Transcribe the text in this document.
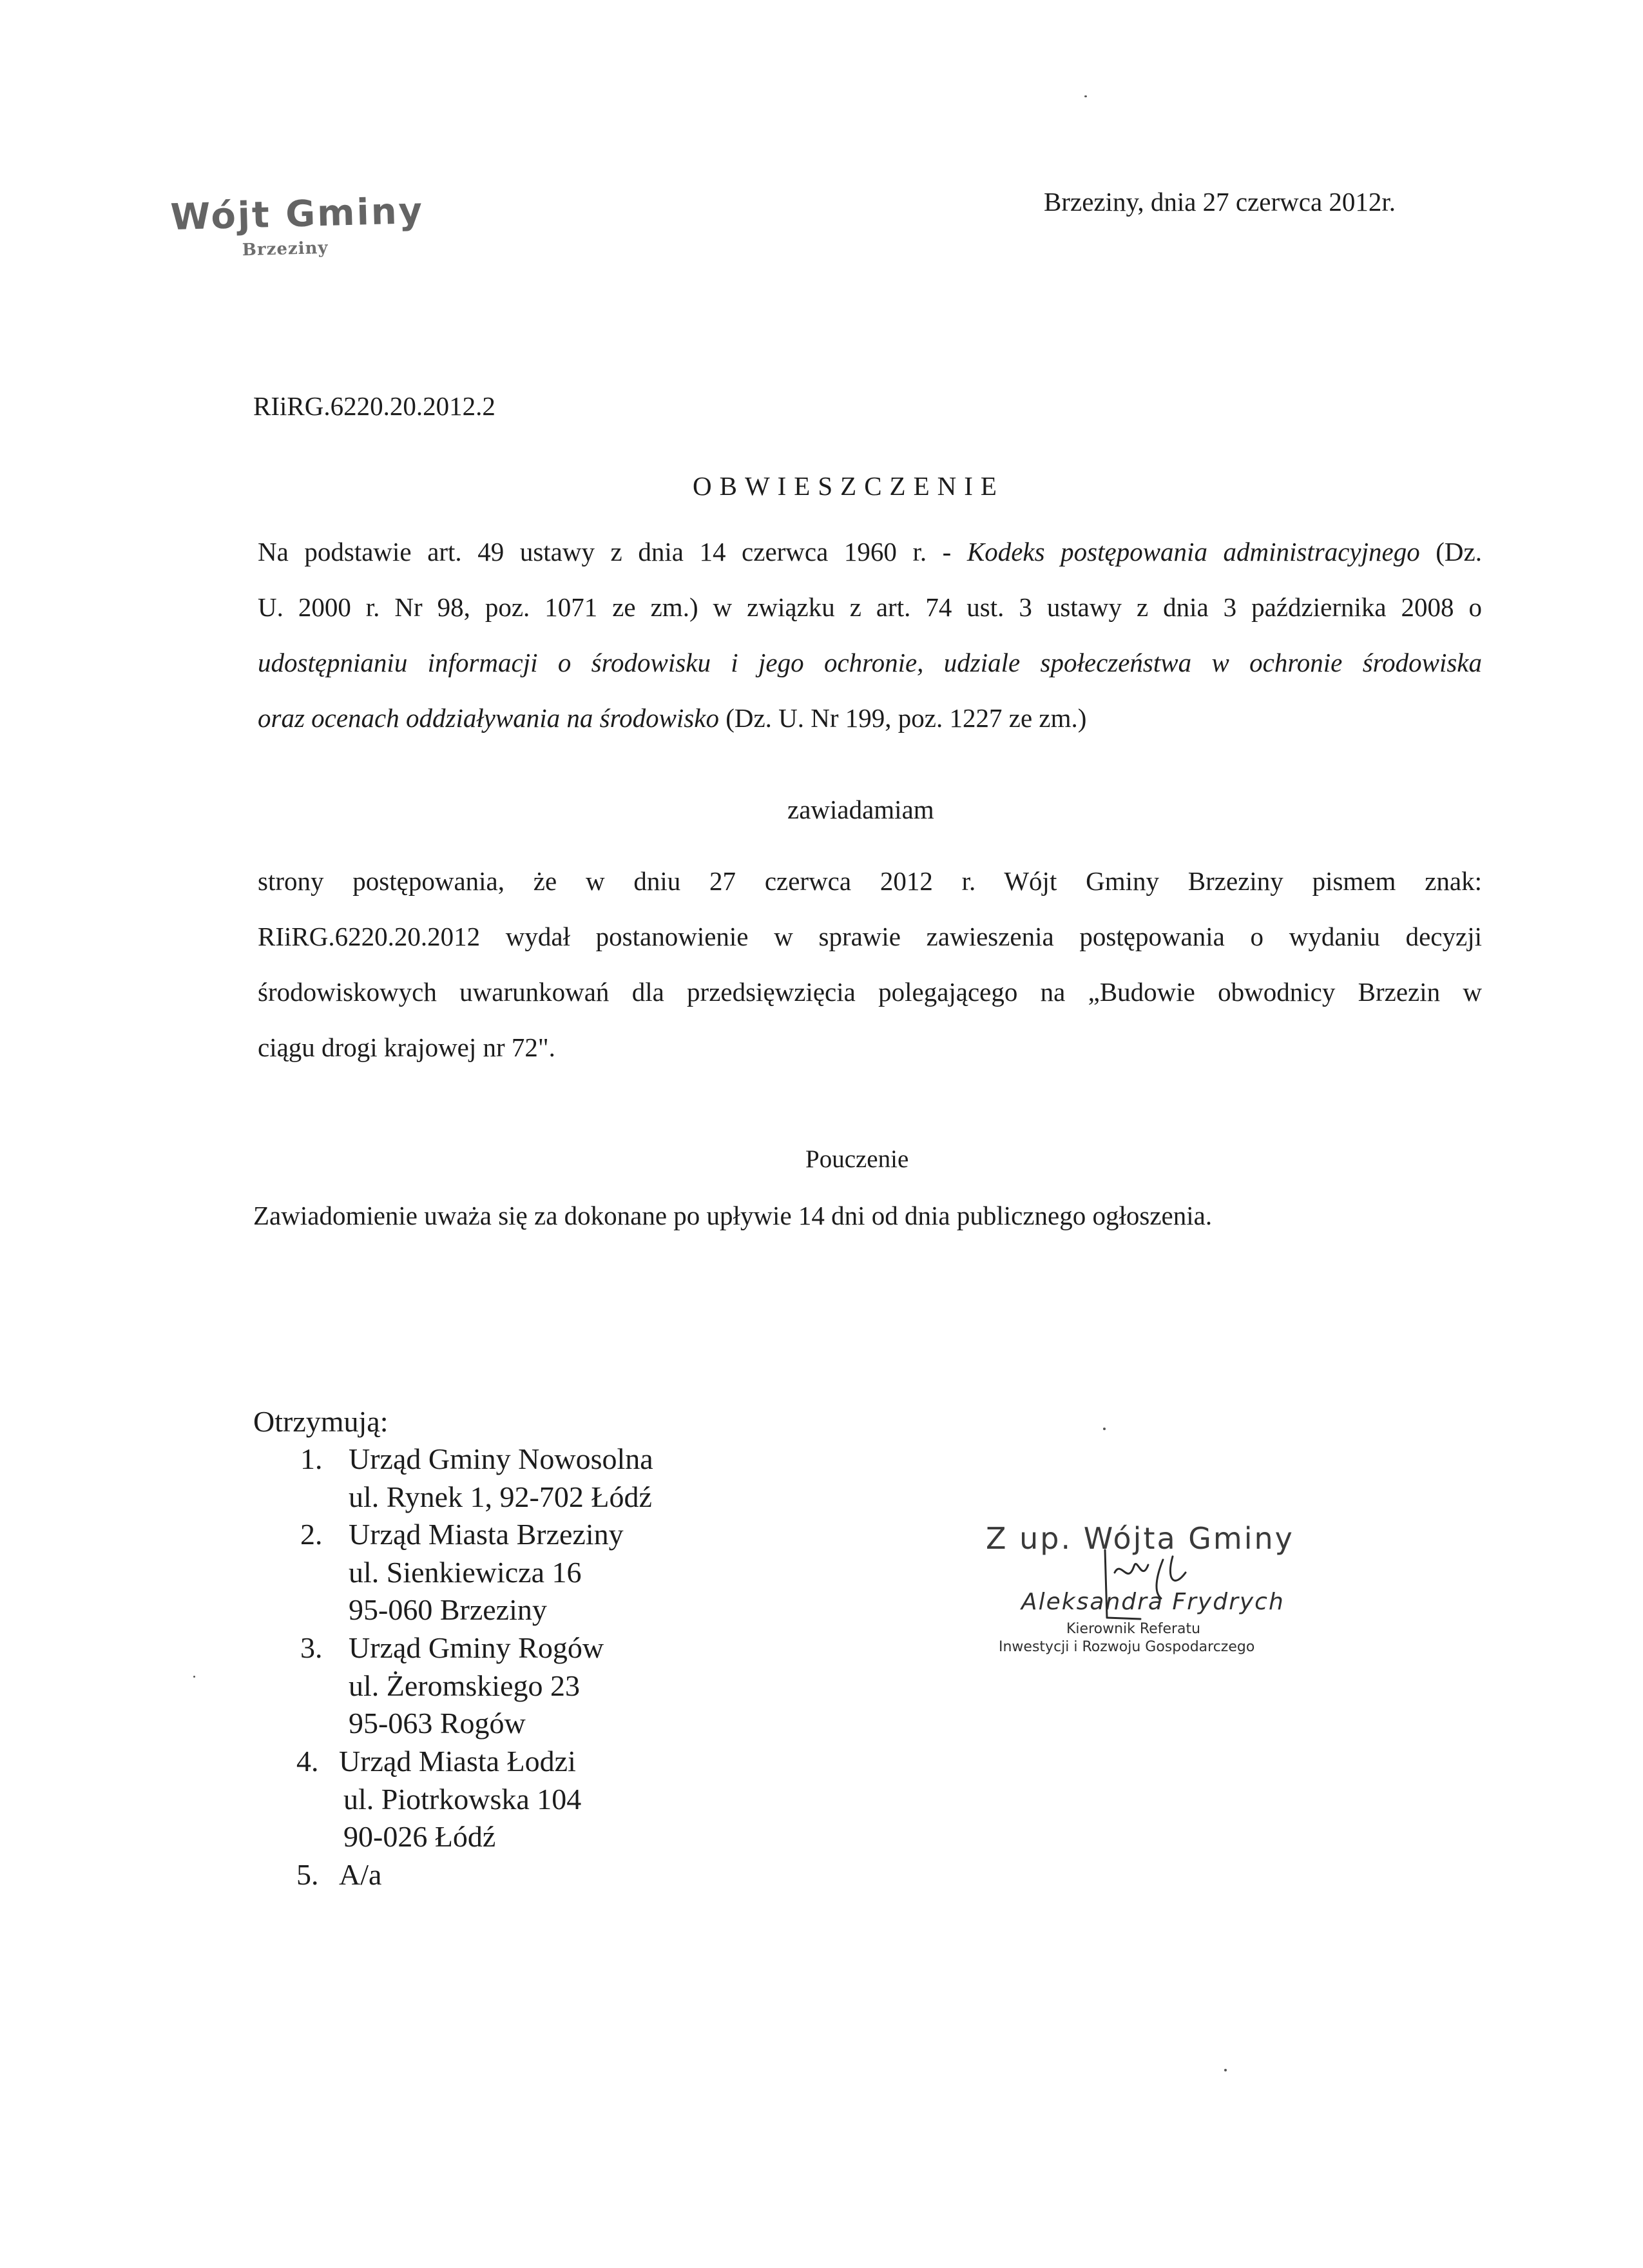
Wójt Gminy
Brzeziny
Brzeziny, dnia 27 czerwca 2012r.
RIiRG.6220.20.2012.2
OBWIESZCZENIE
Na podstawie art. 49 ustawy z dnia 14 czerwca 1960 r. - Kodeks postępowania administracyjnego (Dz.
U. 2000 r. Nr 98, poz. 1071 ze zm.) w związku z art. 74 ust. 3 ustawy z dnia 3 października 2008 o
udostępnianiu informacji o środowisku i jego ochronie, udziale społeczeństwa w ochronie środowiska
oraz ocenach oddziaływania na środowisko (Dz. U. Nr 199, poz. 1227 ze zm.)
zawiadamiam
strony postępowania, że w dniu 27 czerwca 2012 r. Wójt Gminy Brzeziny pismem znak:
RIiRG.6220.20.2012 wydał postanowienie w sprawie zawieszenia postępowania o wydaniu decyzji
środowiskowych uwarunkowań dla przedsięwzięcia polegającego na „Budowie obwodnicy Brzezin w
ciągu drogi krajowej nr 72".
Pouczenie
Zawiadomienie uważa się za dokonane po upływie 14 dni od dnia publicznego ogłoszenia.
Otrzymują:
1. Urząd Gminy Nowosolna
ul. Rynek 1, 92-702 Łódź
2. Urząd Miasta Brzeziny
ul. Sienkiewicza 16
95-060 Brzeziny
3. Urząd Gminy Rogów
ul. Żeromskiego 23
95-063 Rogów
4. Urząd Miasta Łodzi
ul. Piotrkowska 104
90-026 Łódź
5. A/a
Z up. Wójta Gminy
Aleksandra Frydrych
Kierownik Referatu
Inwestycji i Rozwoju Gospodarczego
